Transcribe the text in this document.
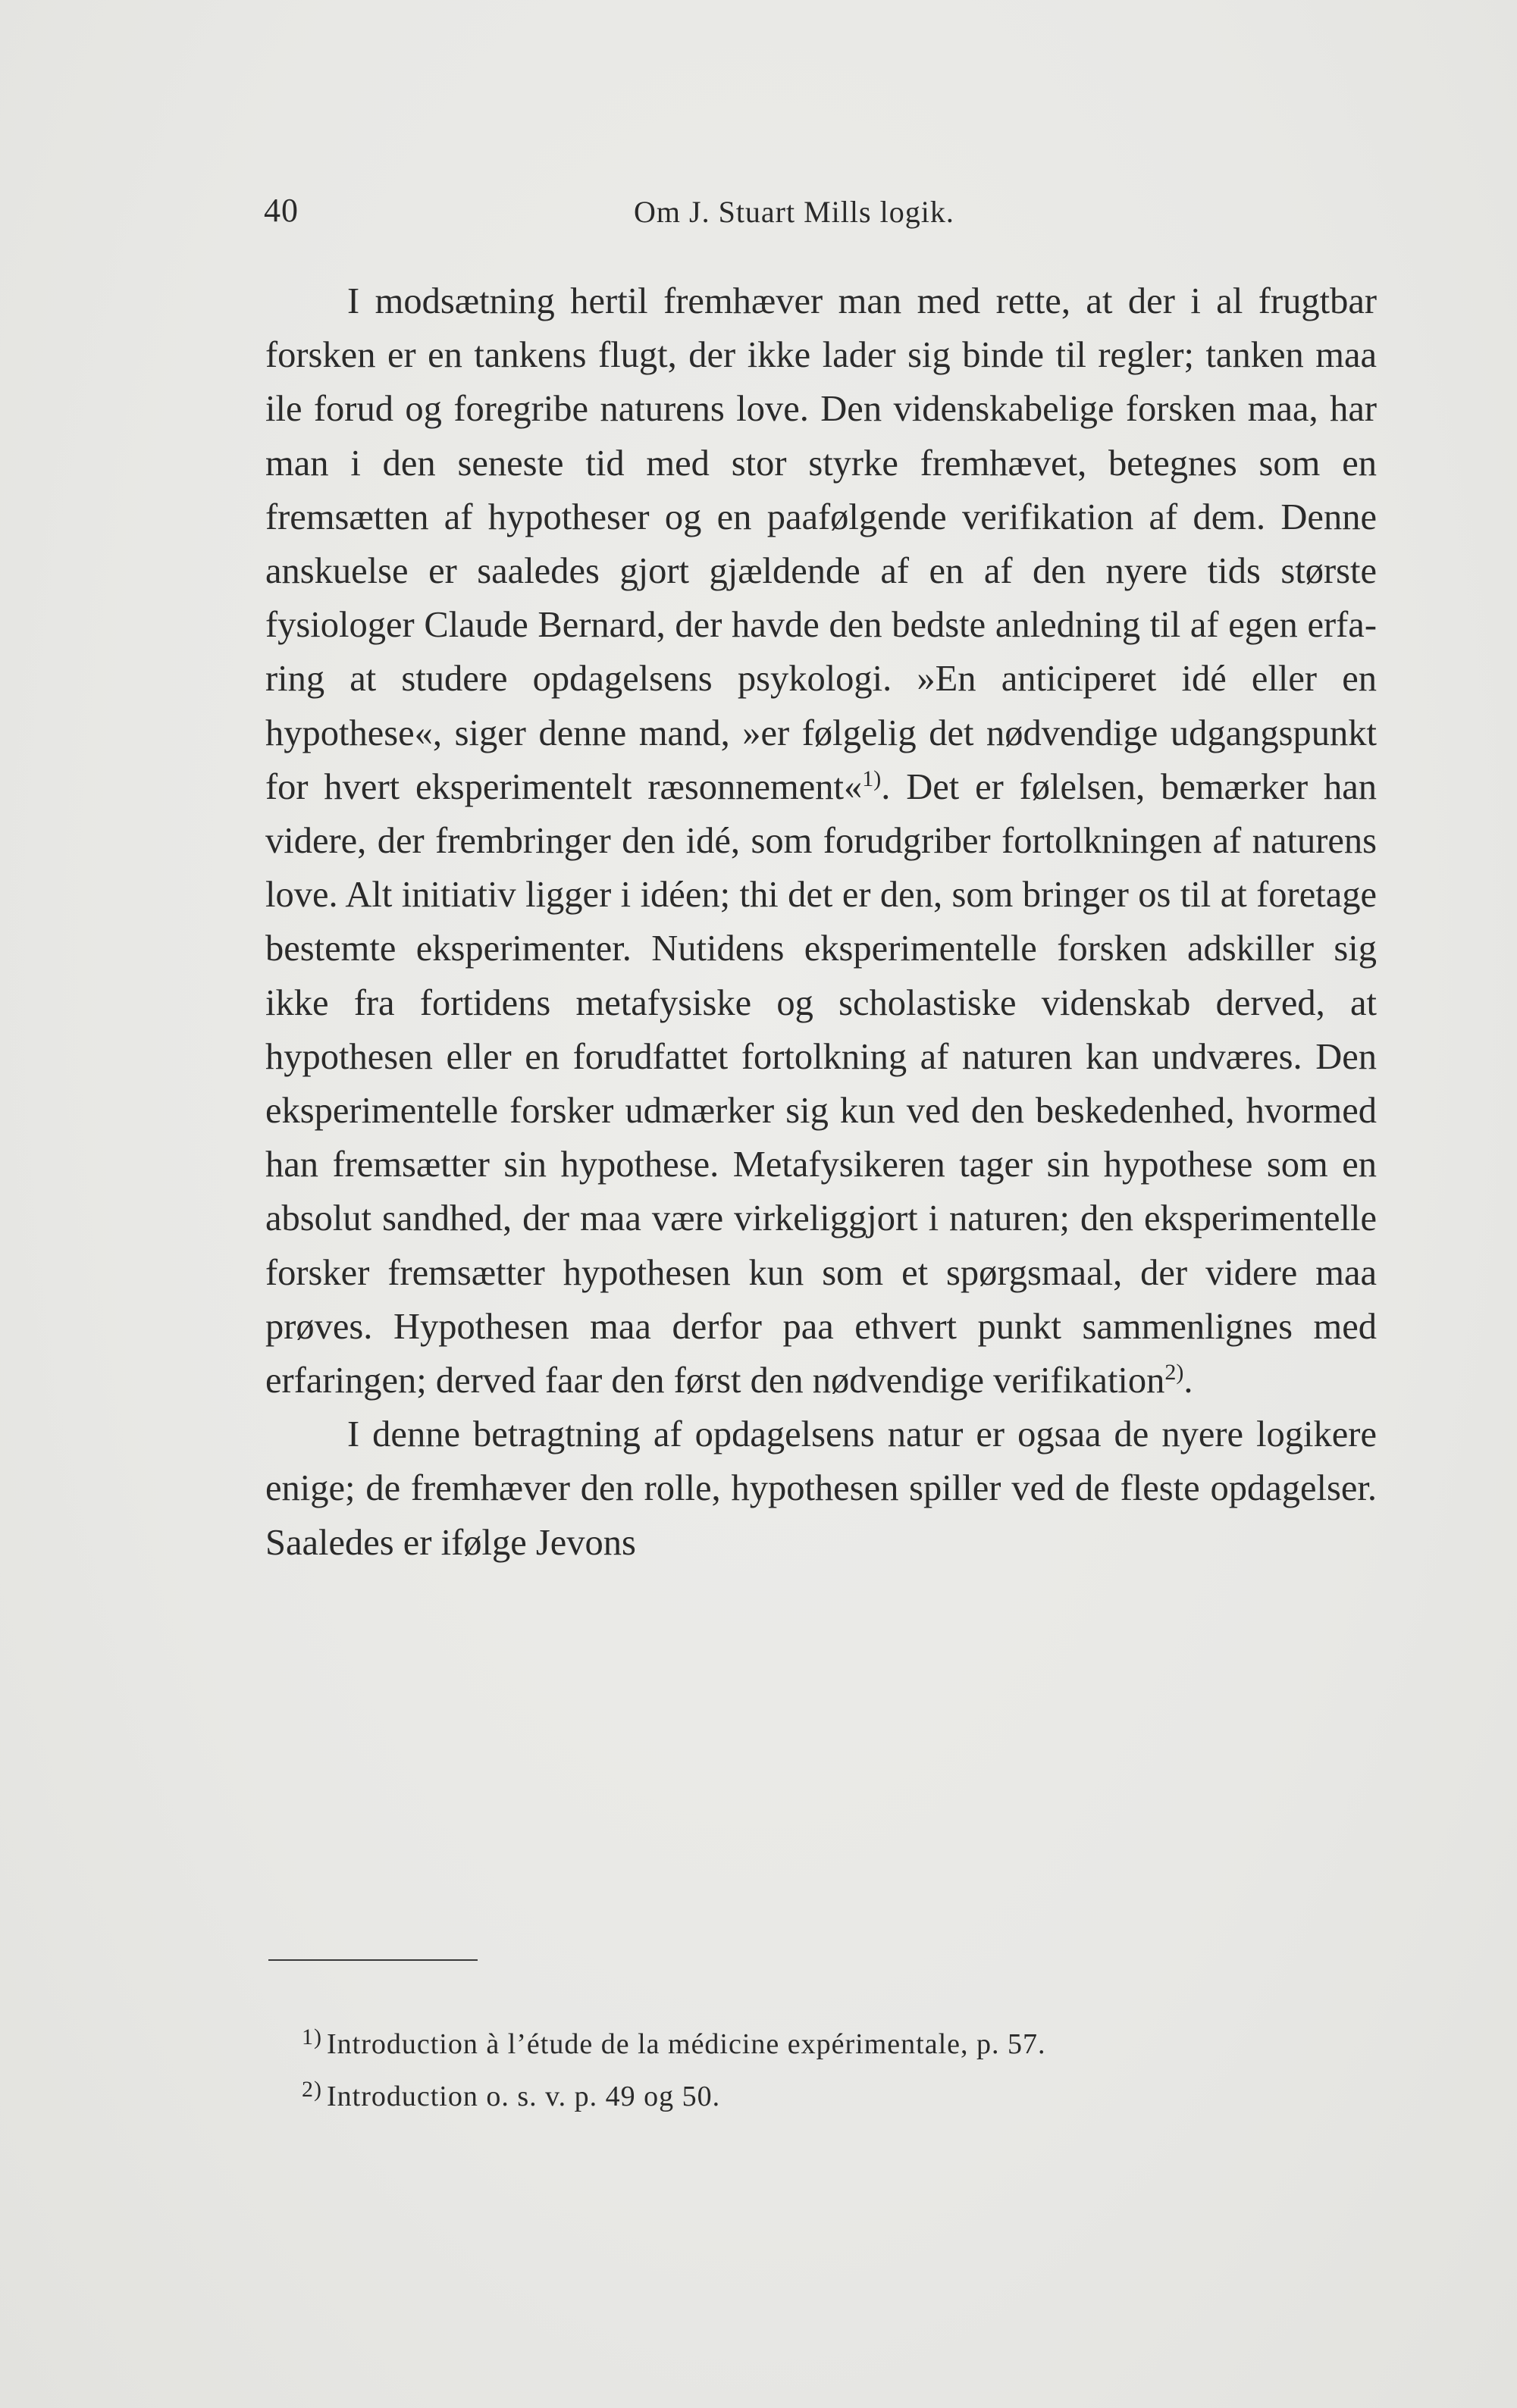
40	Om J. Stuart Mills logik.

I modsætning hertil fremhæver man med rette, at der i al frugtbar forsken er en tankens flugt, der ikke lader sig binde til regler; tanken maa ile forud og foregribe naturens love. Den videnskabelige forsken maa, har man i den seneste tid med stor styrke fremhævet, betegnes som en fremsætten af hypotheser og en paafølgende verifikation af dem. Denne anskuelse er saaledes gjort gjældende af en af den nyere tids største fysiologer Claude Bernard, der havde den bedste anledning til af egen erfaring at studere opdagelsens psykologi. »En anticiperet idé eller en hypothese«, siger denne mand, »er følgelig det nødvendige udgangspunkt for hvert eksperimentelt ræsonnement«$^{1)}$. Det er følelsen, bemærker han videre, der frembringer den idé, som forudgriber fortolkningen af naturens love. Alt initiativ ligger i idéen; thi det er den, som bringer os til at foretage bestemte eksperimenter. Nutidens eksperimentelle forsken adskiller sig ikke fra fortidens metafysiske og scholastiske videnskab derved, at hypothesen eller en forudfattet fortolkning af naturen kan undværes. Den eksperimentelle forsker udmærker sig kun ved den beskedenhed, hvormed han fremsætter sin hypothese. Metafysikeren tager sin hypothese som en absolut sandhed, der maa være virkeliggjort i naturen; den eksperimentelle forsker fremsætter hypothesen kun som et spørgsmaal, der videre maa prøves. Hypothesen maa derfor paa ethvert punkt sammenlignes med erfaringen; derved faar den først den nødvendige verifikation$^{2)}$.

I denne betragtning af opdagelsens natur er ogsaa de nyere logikere enige; de fremhæver den rolle, hypothesen spiller ved de fleste opdagelser. Saaledes er ifølge Jevons

1) Introduction à l’étude de la médicine expérimentale, p. 57.
2) Introduction o. s. v. p. 49 og 50.
